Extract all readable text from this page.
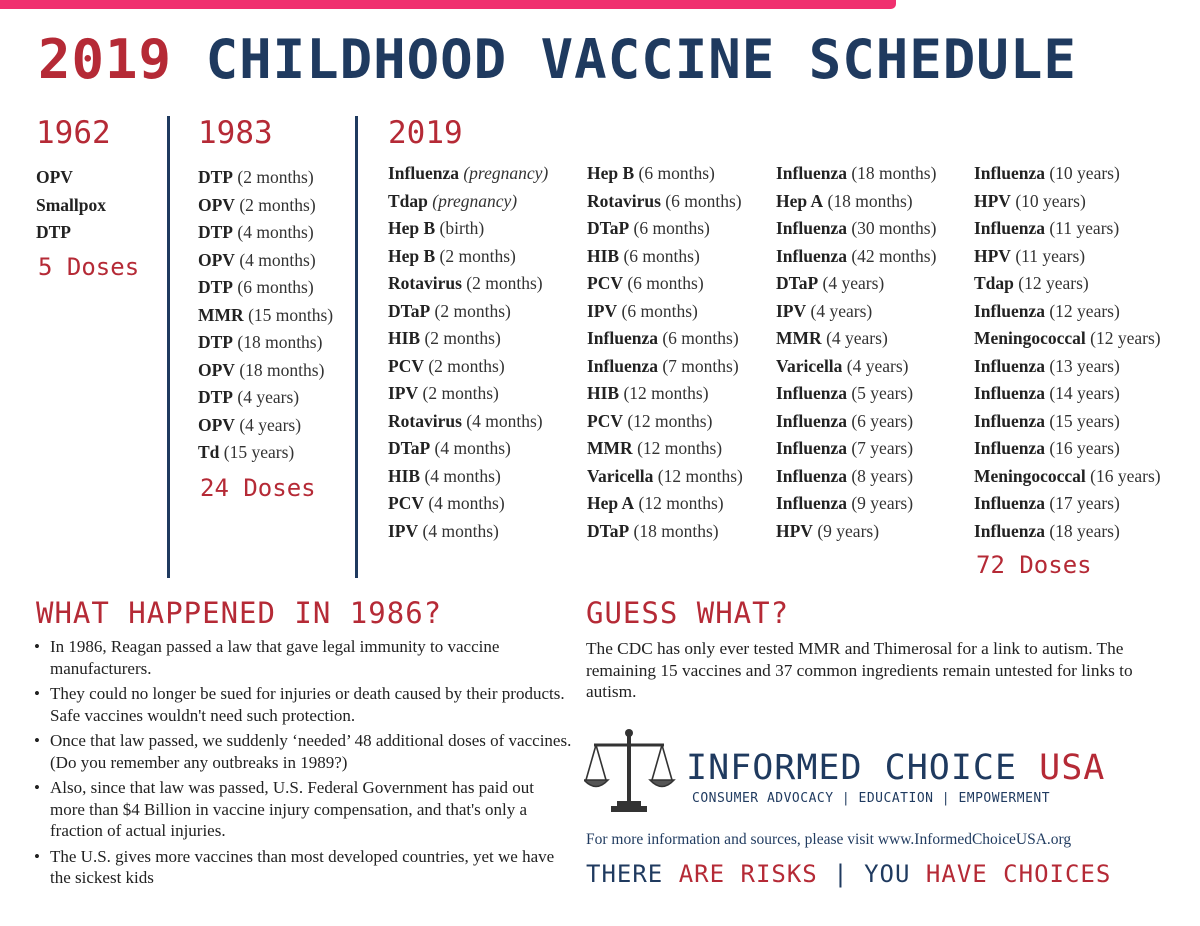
2019 CHILDHOOD VACCINE SCHEDULE
1962
OPV
Smallpox
DTP
5 Doses
1983
DTP (2 months)
OPV (2 months)
DTP (4 months)
OPV (4 months)
DTP (6 months)
MMR (15 months)
DTP (18 months)
OPV (18 months)
DTP (4 years)
OPV (4 years)
Td (15 years)
24 Doses
2019
Influenza (pregnancy)
Tdap (pregnancy)
Hep B (birth)
Hep B (2 months)
Rotavirus (2 months)
DTaP (2 months)
HIB (2 months)
PCV (2 months)
IPV (2 months)
Rotavirus (4 months)
DTaP (4 months)
HIB (4 months)
PCV (4 months)
IPV (4 months)
Hep B (6 months)
Rotavirus (6 months)
DTaP (6 months)
HIB (6 months)
PCV (6 months)
IPV (6 months)
Influenza (6 months)
Influenza (7 months)
HIB (12 months)
PCV (12 months)
MMR (12 months)
Varicella (12 months)
Hep A (12 months)
DTaP (18 months)
Influenza (18 months)
Hep A (18 months)
Influenza (30 months)
Influenza (42 months)
DTaP (4 years)
IPV (4 years)
MMR (4 years)
Varicella (4 years)
Influenza (5 years)
Influenza (6 years)
Influenza (7 years)
Influenza (8 years)
Influenza (9 years)
HPV (9 years)
Influenza (10 years)
HPV (10 years)
Influenza (11 years)
HPV (11 years)
Tdap (12 years)
Influenza (12 years)
Meningococcal (12 years)
Influenza (13 years)
Influenza (14 years)
Influenza (15 years)
Influenza (16 years)
Meningococcal (16 years)
Influenza (17 years)
Influenza (18 years)
72 Doses
WHAT HAPPENED IN 1986?
• In 1986, Reagan passed a law that gave legal immunity to vaccine manufacturers.
• They could no longer be sued for injuries or death caused by their products. Safe vaccines wouldn't need such protection.
• Once that law passed, we suddenly ‘needed’ 48 additional doses of vaccines. (Do you remember any outbreaks in 1989?)
• Also, since that law was passed, U.S. Federal Government has paid out more than $4 Billion in vaccine injury compensation, and that's only a fraction of actual injuries.
• The U.S. gives more vaccines than most developed countries, yet we have the sickest kids
GUESS WHAT?
The CDC has only ever tested MMR and Thimerosal for a link to autism. The remaining 15 vaccines and 37 common ingredients remain untested for links to autism.
INFORMED CHOICE USA
CONSUMER ADVOCACY | EDUCATION | EMPOWERMENT
For more information and sources, please visit www.InformedChoiceUSA.org
THERE ARE RISKS | YOU HAVE CHOICES
